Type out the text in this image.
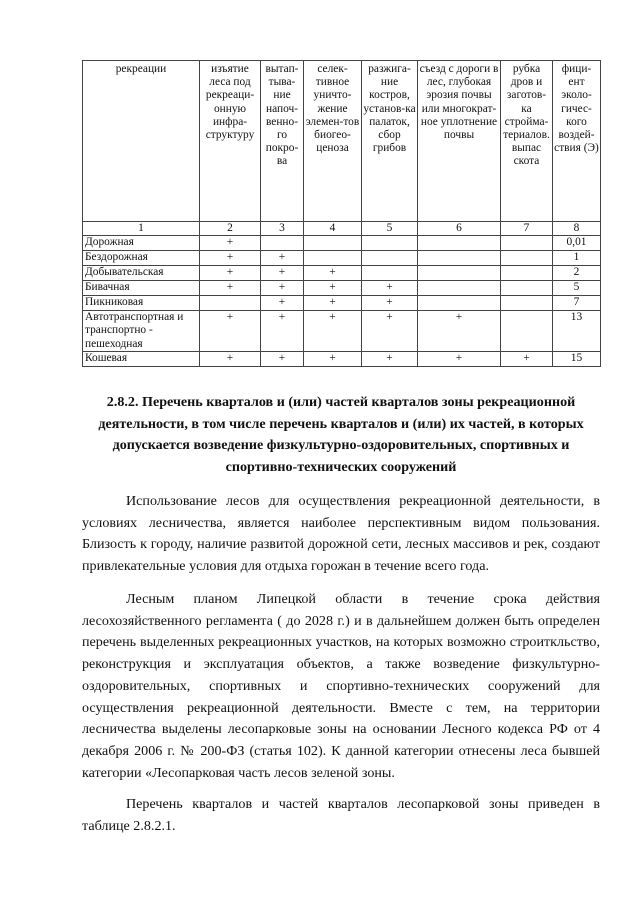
рекреации	изъятие леса под рекреаци-онную инфра-структуру	вытап-тыва-ние напоч-венно-го покро-ва	селек-тивное уничто-жение элемен-тов биогео-ценоза	разжига-ние костров, установ-ка палаток, сбор грибов	съезд с дороги в лес, глубокая эрозия почвы или многократ-ное уплотнение почвы	рубка дров и заготов-ка стройма-териалов. выпас скота	фици-ент эколо-гичес-кого воздей-ствия (Э)
1	2	3	4	5	6	7	8
Дорожная	+						0,01
Бездорожная	+	+					1
Добывательская	+	+	+				2
Бивачная	+	+	+	+			5
Пикниковая		+	+	+			7
Автотранспортная и транспортно - пешеходная	+	+	+	+	+		13
Кошевая	+	+	+	+	+	+	15
2.8.2. Перечень кварталов и (или) частей кварталов зоны рекреационной деятельности, в том числе перечень кварталов и (или) их частей, в которых допускается возведение физкультурно-оздоровительных, спортивных и спортивно-технических сооружений

Использование лесов для осуществления рекреационной деятельности, в условиях лесничества, является наиболее перспективным видом пользования. Близость к городу, наличие развитой дорожной сети, лесных массивов и рек, создают привлекательные условия для отдыха горожан в течение всего года.

Лесным планом Липецкой области в течение срока действия лесохозяйственного регламента ( до 2028 г.) и в дальнейшем должен быть определен перечень выделенных рекреационных участков, на которых возможно строиткльство, реконструкция и эксплуатация объектов, а также возведение физкультурно-оздоровительных, спортивных и спортивно-технических сооружений для осуществления рекреационной деятельности. Вместе с тем, на территории лесничества выделены лесопарковые зоны на основании Лесного кодекса РФ от 4 декабря 2006 г. № 200-ФЗ (статья 102). К данной категории отнесены леса бывшей категории «Лесопарковая часть лесов зеленой зоны.

Перечень кварталов и частей кварталов лесопарковой зоны приведен в таблице 2.8.2.1.
